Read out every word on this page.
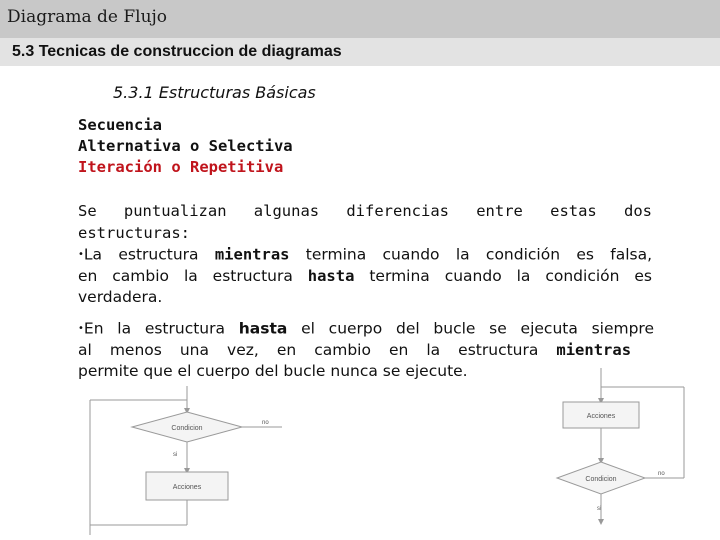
Diagrama de Flujo
5.3 Tecnicas de construccion de diagramas
5.3.1 Estructuras Básicas
Secuencia
Alternativa o Selectiva
Iteración o Repetitiva
Se puntualizan algunas diferencias entre estas dos
estructuras:
•La estructura mientras termina cuando la condición es falsa,
en cambio la estructura hasta termina cuando la condición es
verdadera.
•En la estructura hasta el cuerpo del bucle se ejecuta siempre
al menos una vez, en cambio en la estructura mientras
permite que el cuerpo del bucle nunca se ejecute.
Condicion
no
si
Acciones
Acciones
Condicion
no
si
